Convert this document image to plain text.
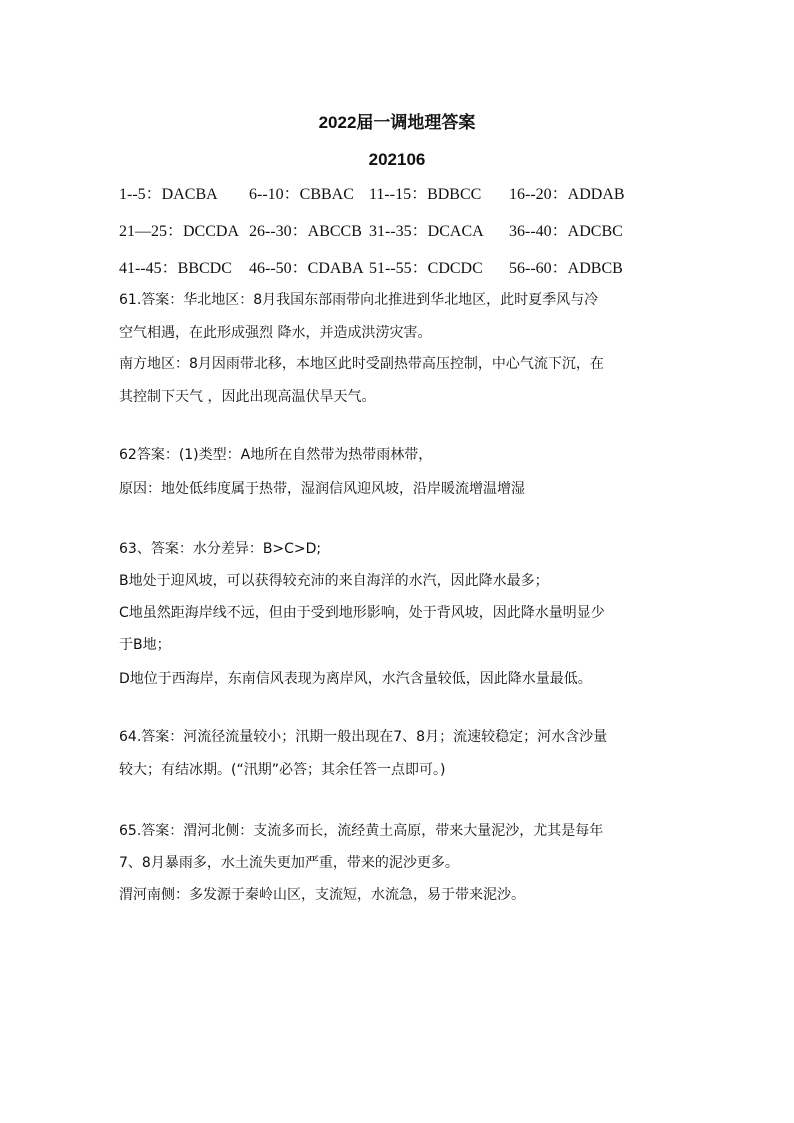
2022届一调地理答案
202106
1--5：DACBA	6--10：CBBAC 11--15：BDBCC	16--20：ADDAB
21—25：DCCDA 26--30：ABCCB 31--35：DCACA	36--40：ADCBC
41--45：BBCDC	46--50：CDABA 51--55：CDCDC	56--60：ADBCB
61.答案：华北地区：8月我国东部雨带向北推进到华北地区，此时夏季风与冷
空气相遇，在此形成强烈 降水，并造成洪涝灾害。
南方地区：8月因雨带北移，本地区此时受副热带高压控制，中心气流下沉，在
其控制下天气 ，因此出现高温伏旱天气。
62答案：(1)类型：A地所在自然带为热带雨林带，
原因：地处低纬度属于热带，湿润信风迎风坡，沿岸暖流增温增湿
63、答案：水分差异：B>C>D;
B地处于迎风坡，可以获得较充沛的来自海洋的水汽，因此降水最多；
C地虽然距海岸线不远，但由于受到地形影响，处于背风坡，因此降水量明显少
于B地；
D地位于西海岸，东南信风表现为离岸风，水汽含量较低，因此降水量最低。
64.答案：河流径流量较小；汛期一般出现在7、8月；流速较稳定；河水含沙量
较大；有结冰期。(“汛期”必答；其余任答一点即可。)
65.答案：渭河北侧：支流多而长，流经黄土高原，带来大量泥沙，尤其是每年
7、8月暴雨多，水土流失更加严重，带来的泥沙更多。
渭河南侧：多发源于秦岭山区，支流短，水流急，易于带来泥沙。
